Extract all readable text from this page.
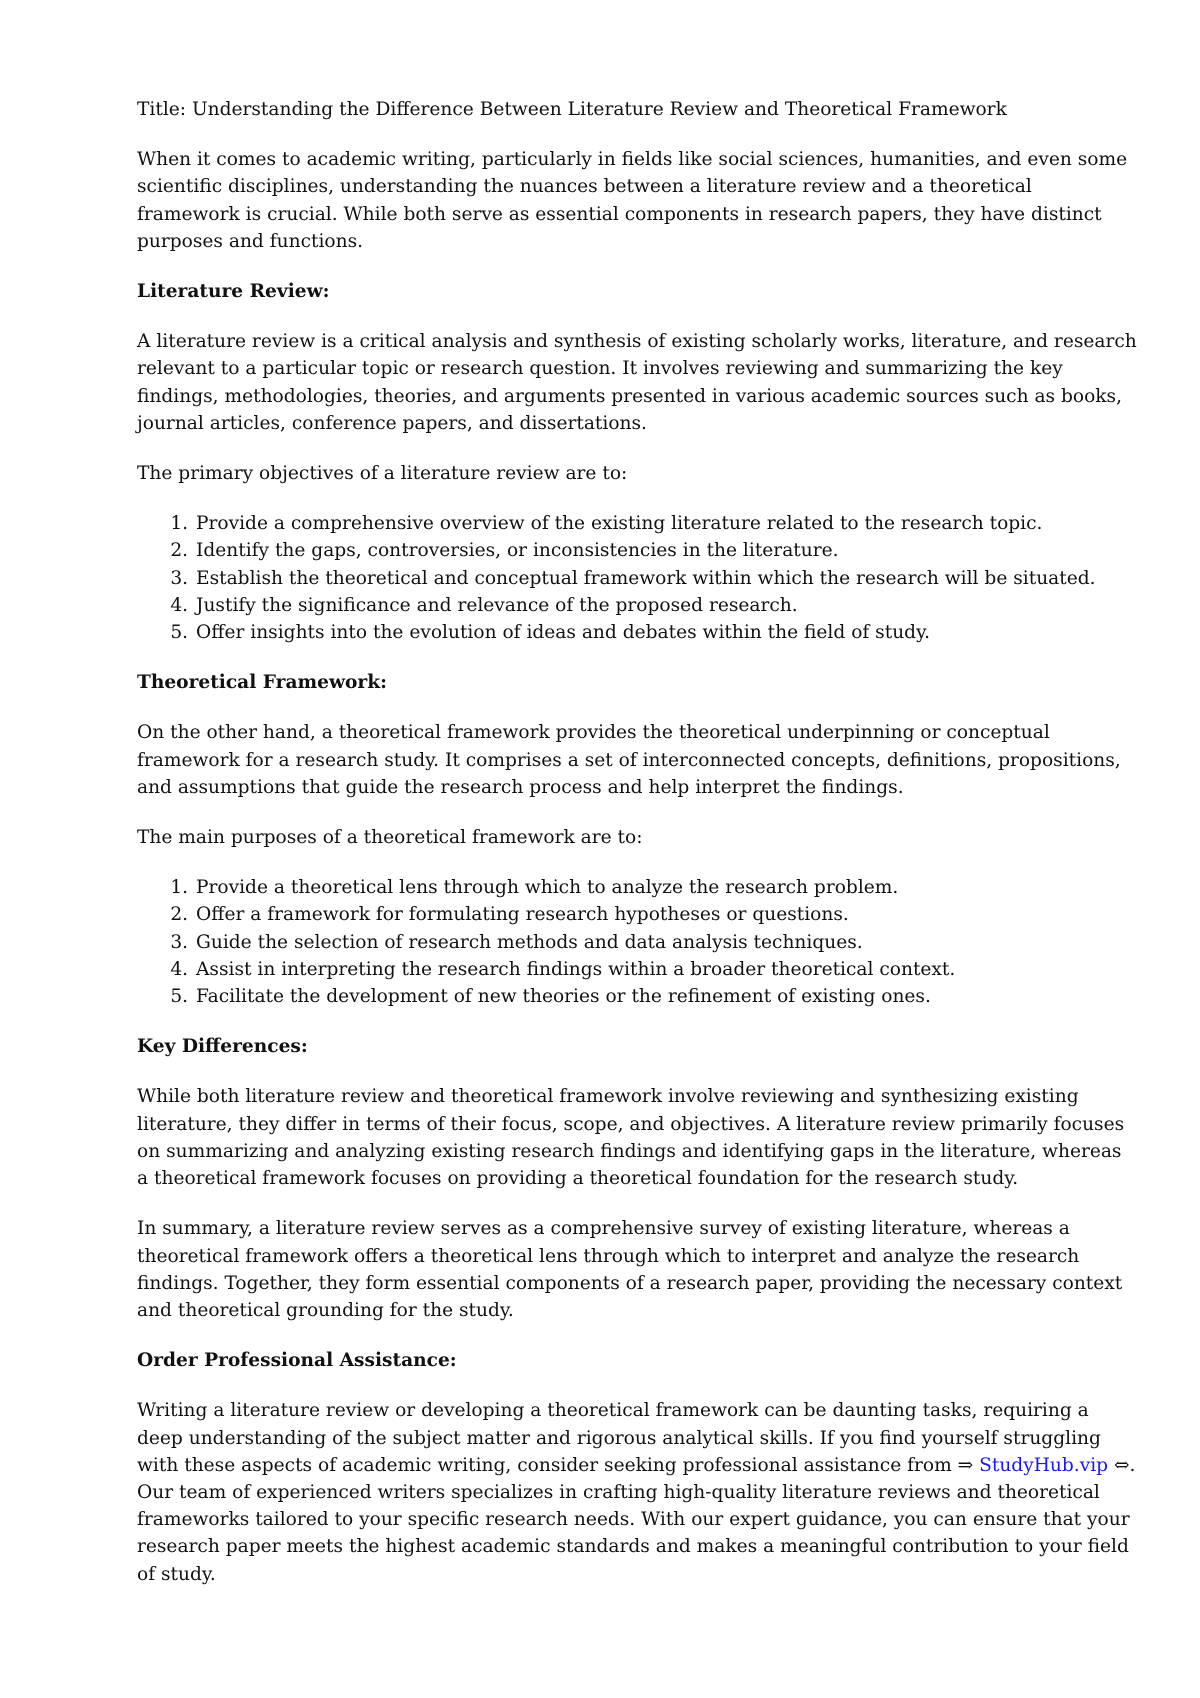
Title: Understanding the Difference Between Literature Review and Theoretical Framework

When it comes to academic writing, particularly in fields like social sciences, humanities, and even some scientific disciplines, understanding the nuances between a literature review and a theoretical framework is crucial. While both serve as essential components in research papers, they have distinct purposes and functions.

Literature Review:

A literature review is a critical analysis and synthesis of existing scholarly works, literature, and research relevant to a particular topic or research question. It involves reviewing and summarizing the key findings, methodologies, theories, and arguments presented in various academic sources such as books, journal articles, conference papers, and dissertations.

The primary objectives of a literature review are to:

1. Provide a comprehensive overview of the existing literature related to the research topic.
2. Identify the gaps, controversies, or inconsistencies in the literature.
3. Establish the theoretical and conceptual framework within which the research will be situated.
4. Justify the significance and relevance of the proposed research.
5. Offer insights into the evolution of ideas and debates within the field of study.
Theoretical Framework:

On the other hand, a theoretical framework provides the theoretical underpinning or conceptual framework for a research study. It comprises a set of interconnected concepts, definitions, propositions, and assumptions that guide the research process and help interpret the findings.

The main purposes of a theoretical framework are to:

1. Provide a theoretical lens through which to analyze the research problem.
2. Offer a framework for formulating research hypotheses or questions.
3. Guide the selection of research methods and data analysis techniques.
4. Assist in interpreting the research findings within a broader theoretical context.
5. Facilitate the development of new theories or the refinement of existing ones.
Key Differences:

While both literature review and theoretical framework involve reviewing and synthesizing existing literature, they differ in terms of their focus, scope, and objectives. A literature review primarily focuses on summarizing and analyzing existing research findings and identifying gaps in the literature, whereas a theoretical framework focuses on providing a theoretical foundation for the research study.

In summary, a literature review serves as a comprehensive survey of existing literature, whereas a theoretical framework offers a theoretical lens through which to interpret and analyze the research findings. Together, they form essential components of a research paper, providing the necessary context and theoretical grounding for the study.

Order Professional Assistance:

Writing a literature review or developing a theoretical framework can be daunting tasks, requiring a deep understanding of the subject matter and rigorous analytical skills. If you find yourself struggling with these aspects of academic writing, consider seeking professional assistance from ⇒ StudyHub.vip ⇔. Our team of experienced writers specializes in crafting high-quality literature reviews and theoretical frameworks tailored to your specific research needs. With our expert guidance, you can ensure that your research paper meets the highest academic standards and makes a meaningful contribution to your field of study.
